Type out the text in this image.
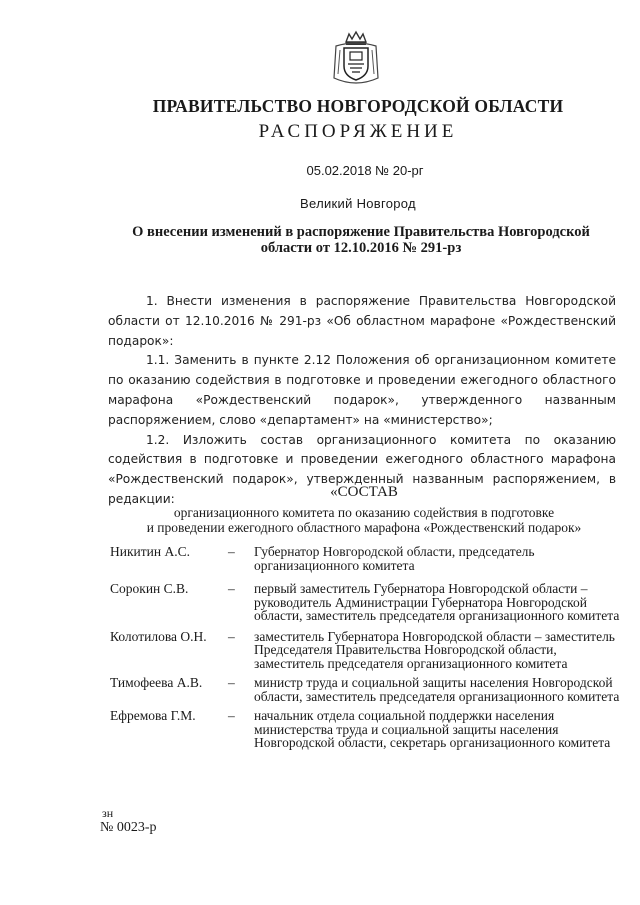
ПРАВИТЕЛЬСТВО НОВГОРОДСКОЙ ОБЛАСТИ
РАСПОРЯЖЕНИЕ
05.02.2018 № 20-рг
Великий Новгород
О внесении изменений в распоряжение Правительства Новгородской
области от 12.10.2016 № 291-рз

1. Внести изменения в распоряжение Правительства Новгородской области от 12.10.2016 № 291-рз «Об областном марафоне «Рождественский подарок»:

1.1. Заменить в пункте 2.12 Положения об организационном комитете по оказанию содействия в подготовке и проведении ежегодного областного марафона «Рождественский подарок», утвержденного названным распоряжением, слово «департамент» на «министерство»;

1.2. Изложить состав организационного комитета по оказанию содействия в подготовке и проведении ежегодного областного марафона «Рождественский подарок», утвержденный названным распоряжением, в редакции:	«СОСТАВ
организационного комитета по оказанию содействия в подготовке
и проведении ежегодного областного марафона «Рождественский подарок»
Никитин А.С.	–	Губернатор Новгородской области, председатель организационного комитета
Сорокин С.В.	–	первый заместитель Губернатора Новгородской области – руководитель Администрации Губернатора Новгородской области, заместитель председателя организационного комитета
Колотилова О.Н.	–	заместитель Губернатора Новгородской области – заместитель Председателя Правительства Новгородской области, заместитель председателя организационного комитета
Тимофеева А.В.	–	министр труда и социальной защиты населения Новгородской области, заместитель председателя организационного комитета
Ефремова Г.М.	–	начальник отдела социальной поддержки населения министерства труда и социальной защиты населения Новгородской области, секретарь организационного комитета
зн
№ 0023-р
